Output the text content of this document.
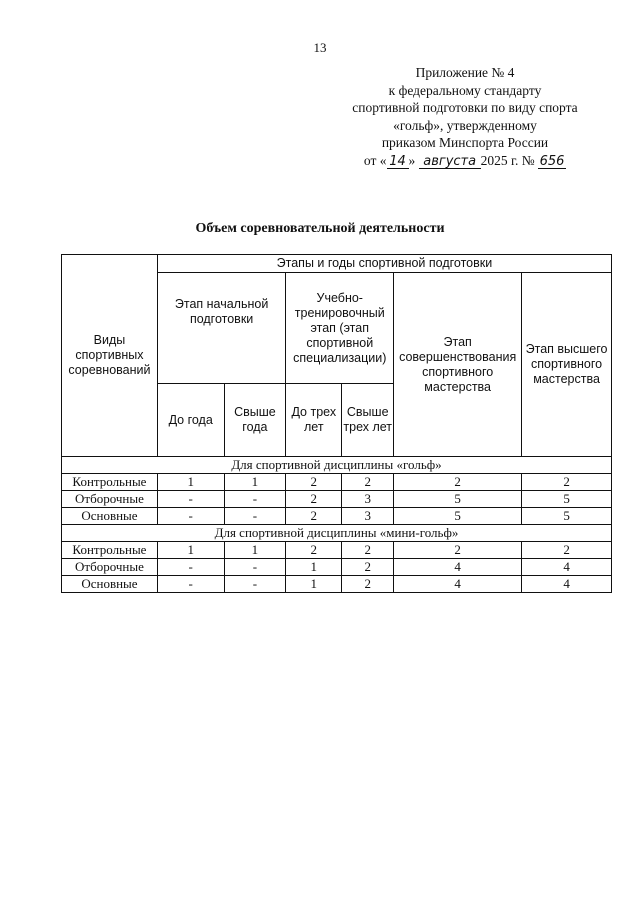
13
Приложение № 4
к федеральному стандарту
спортивной подготовки по виду спорта
«гольф», утвержденному
приказом Минспорта России
от « 14 » августа 2025 г. № 656
Объем соревновательной деятельности
Виды спортивных соревнований	Этапы и годы спортивной подготовки					
	Этап начальной подготовки		Учебно-тренировочный этап (этап спортивной специализации)		Этап совершенствования спортивного мастерства	Этап высшего спортивного мастерства
	До года	Свыше года	До трех лет	Свыше трех лет		
Для спортивной дисциплины «гольф»						
Контрольные	1	1	2	2	2	2
Отборочные	-	-	2	3	5	5
Основные	-	-	2	3	5	5
Для спортивной дисциплины «мини-гольф»						
Контрольные	1	1	2	2	2	2
Отборочные	-	-	1	2	4	4
Основные	-	-	1	2	4	4
